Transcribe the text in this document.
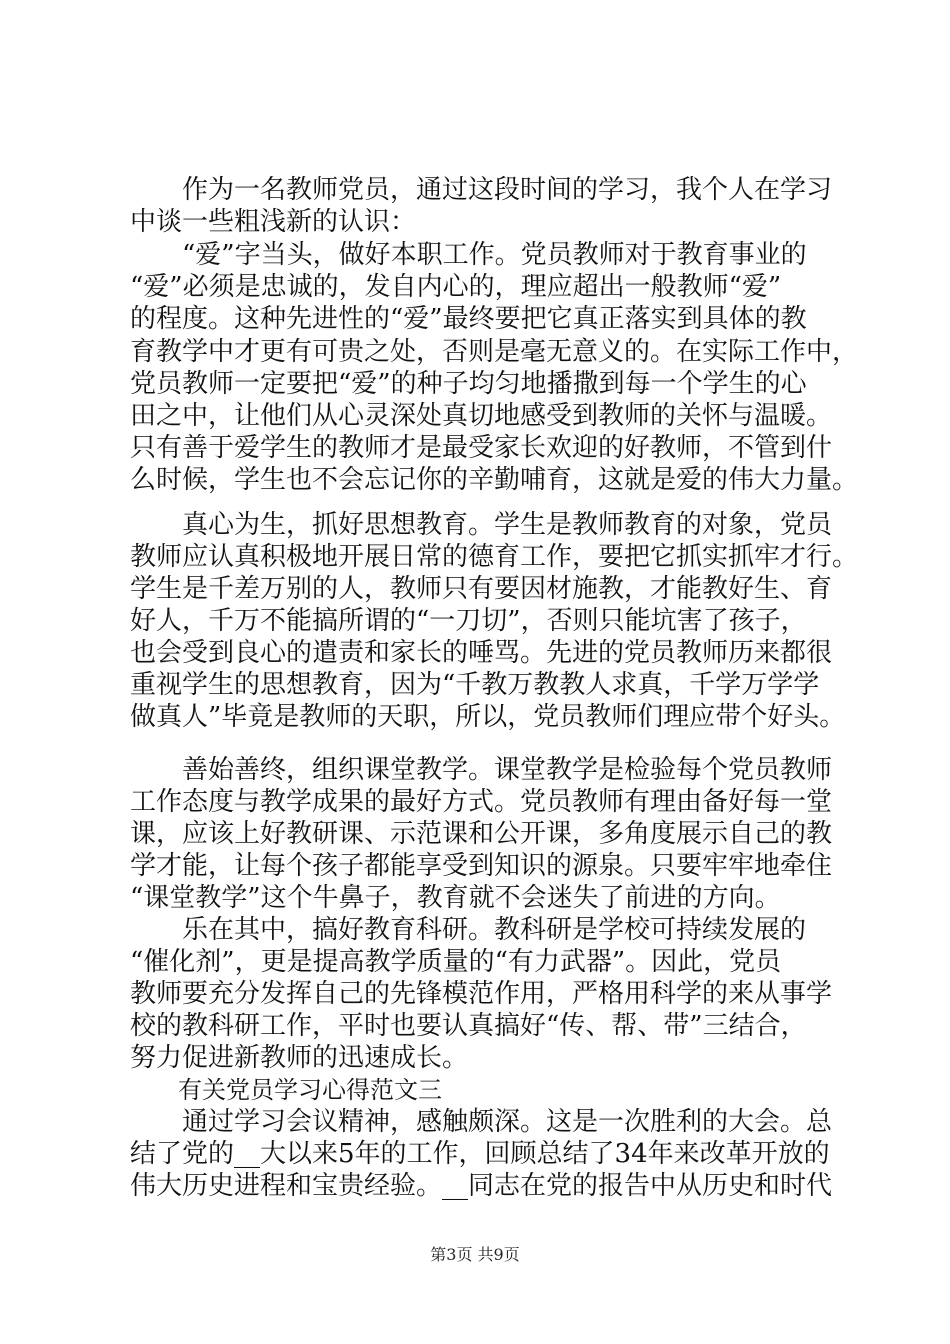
　　作为一名教师党员，通过这段时间的学习，我个人在学习
中谈一些粗浅新的认识：
　　“爱”字当头，做好本职工作。党员教师对于教育事业的
“爱”必须是忠诚的，发自内心的，理应超出一般教师“爱”
的程度。这种先进性的“爱”最终要把它真正落实到具体的教
育教学中才更有可贵之处，否则是毫无意义的。在实际工作中，
党员教师一定要把“爱”的种子均匀地播撒到每一个学生的心
田之中，让他们从心灵深处真切地感受到教师的关怀与温暖。
只有善于爱学生的教师才是最受家长欢迎的好教师，不管到什
么时候，学生也不会忘记你的辛勤哺育，这就是爱的伟大力量。
　　真心为生，抓好思想教育。学生是教师教育的对象，党员
教师应认真积极地开展日常的德育工作，要把它抓实抓牢才行。
学生是千差万别的人，教师只有要因材施教，才能教好生、育
好人，千万不能搞所谓的“一刀切”，否则只能坑害了孩子，
也会受到良心的遣责和家长的唾骂。先进的党员教师历来都很
重视学生的思想教育，因为“千教万教教人求真，千学万学学
做真人”毕竟是教师的天职，所以，党员教师们理应带个好头。
　　善始善终，组织课堂教学。课堂教学是检验每个党员教师
工作态度与教学成果的最好方式。党员教师有理由备好每一堂
课，应该上好教研课、示范课和公开课，多角度展示自己的教
学才能，让每个孩子都能享受到知识的源泉。只要牢牢地牵住
“课堂教学”这个牛鼻子，教育就不会迷失了前进的方向。
　　乐在其中，搞好教育科研。教科研是学校可持续发展的
“催化剂”，更是提高教学质量的“有力武器”。因此，党员
教师要充分发挥自己的先锋模范作用，严格用科学的来从事学
校的教科研工作，平时也要认真搞好“传、帮、带”三结合，
努力促进新教师的迅速成长。
　　有关党员学习心得范文三
　　通过学习会议精神，感触颇深。这是一次胜利的大会。总
结了党的__大以来5年的工作，回顾总结了34年来改革开放的
伟大历史进程和宝贵经验。__同志在党的报告中从历史和时代
第3页 共9页
